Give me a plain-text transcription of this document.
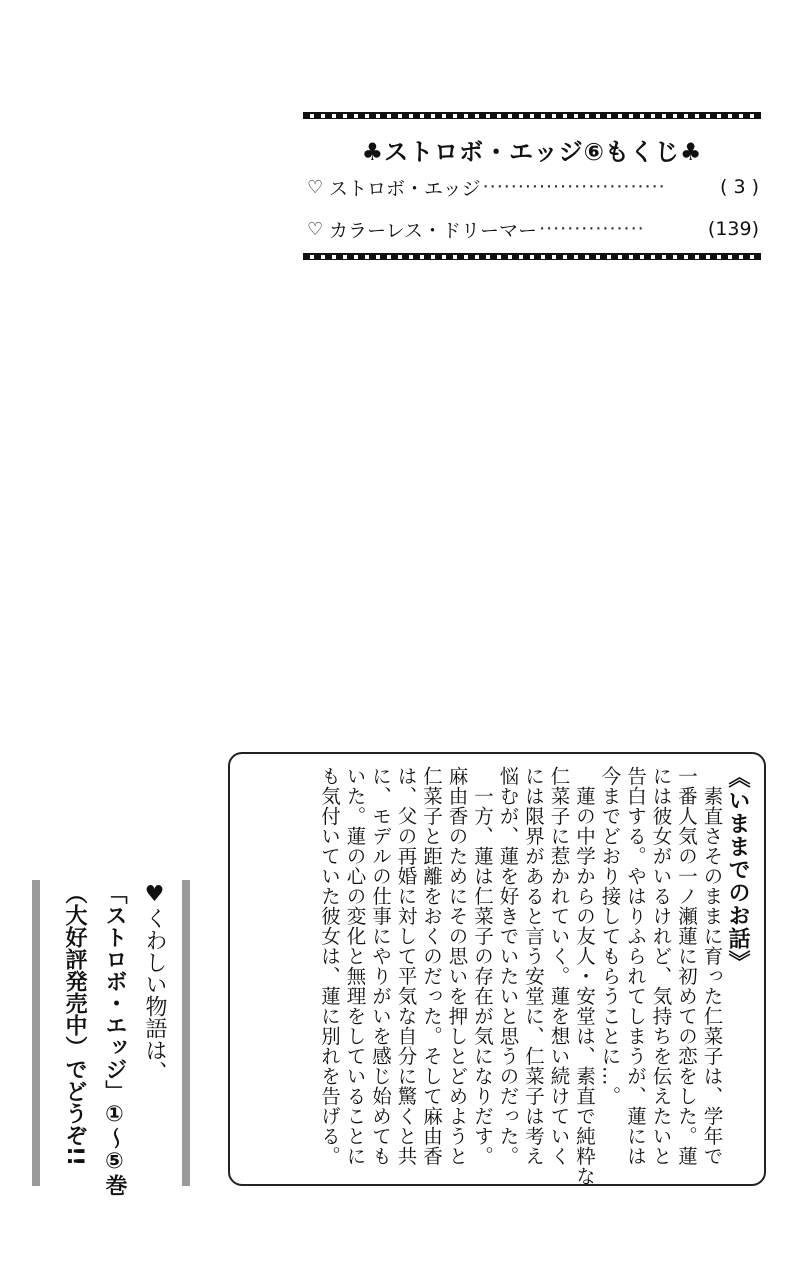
♣ストロボ・エッジ⑥もくじ♣
♡ ストロボ・エッジ ··························	( 3 )
♡ カラーレス・ドリーマー ···············	(139)
《いままでのお話》
　素直さそのままに育った仁菜子は、学年で
一番人気の一ノ瀬蓮に初めての恋をした。蓮
には彼女がいるけれど、気持ちを伝えたいと
告白する。やはりふられてしまうが、蓮には
今までどおり接してもらうことに…。
　蓮の中学からの友人・安堂は、素直で純粋な
仁菜子に惹かれていく。蓮を想い続けていく
には限界があると言う安堂に、仁菜子は考え
悩むが、蓮を好きでいたいと思うのだった。
　一方、蓮は仁菜子の存在が気になりだす。
麻由香のためにその思いを押しとどめようと
仁菜子と距離をおくのだった。そして麻由香
は、父の再婚に対して平気な自分に驚くと共
に、モデルの仕事にやりがいを感じ始めても
いた。蓮の心の変化と無理をしていることに
も気付いていた彼女は、蓮に別れを告げる。
♥くわしい物語は、
「ストロボ・エッジ」①～⑤巻
（大好評発売中）でどうぞ!!
